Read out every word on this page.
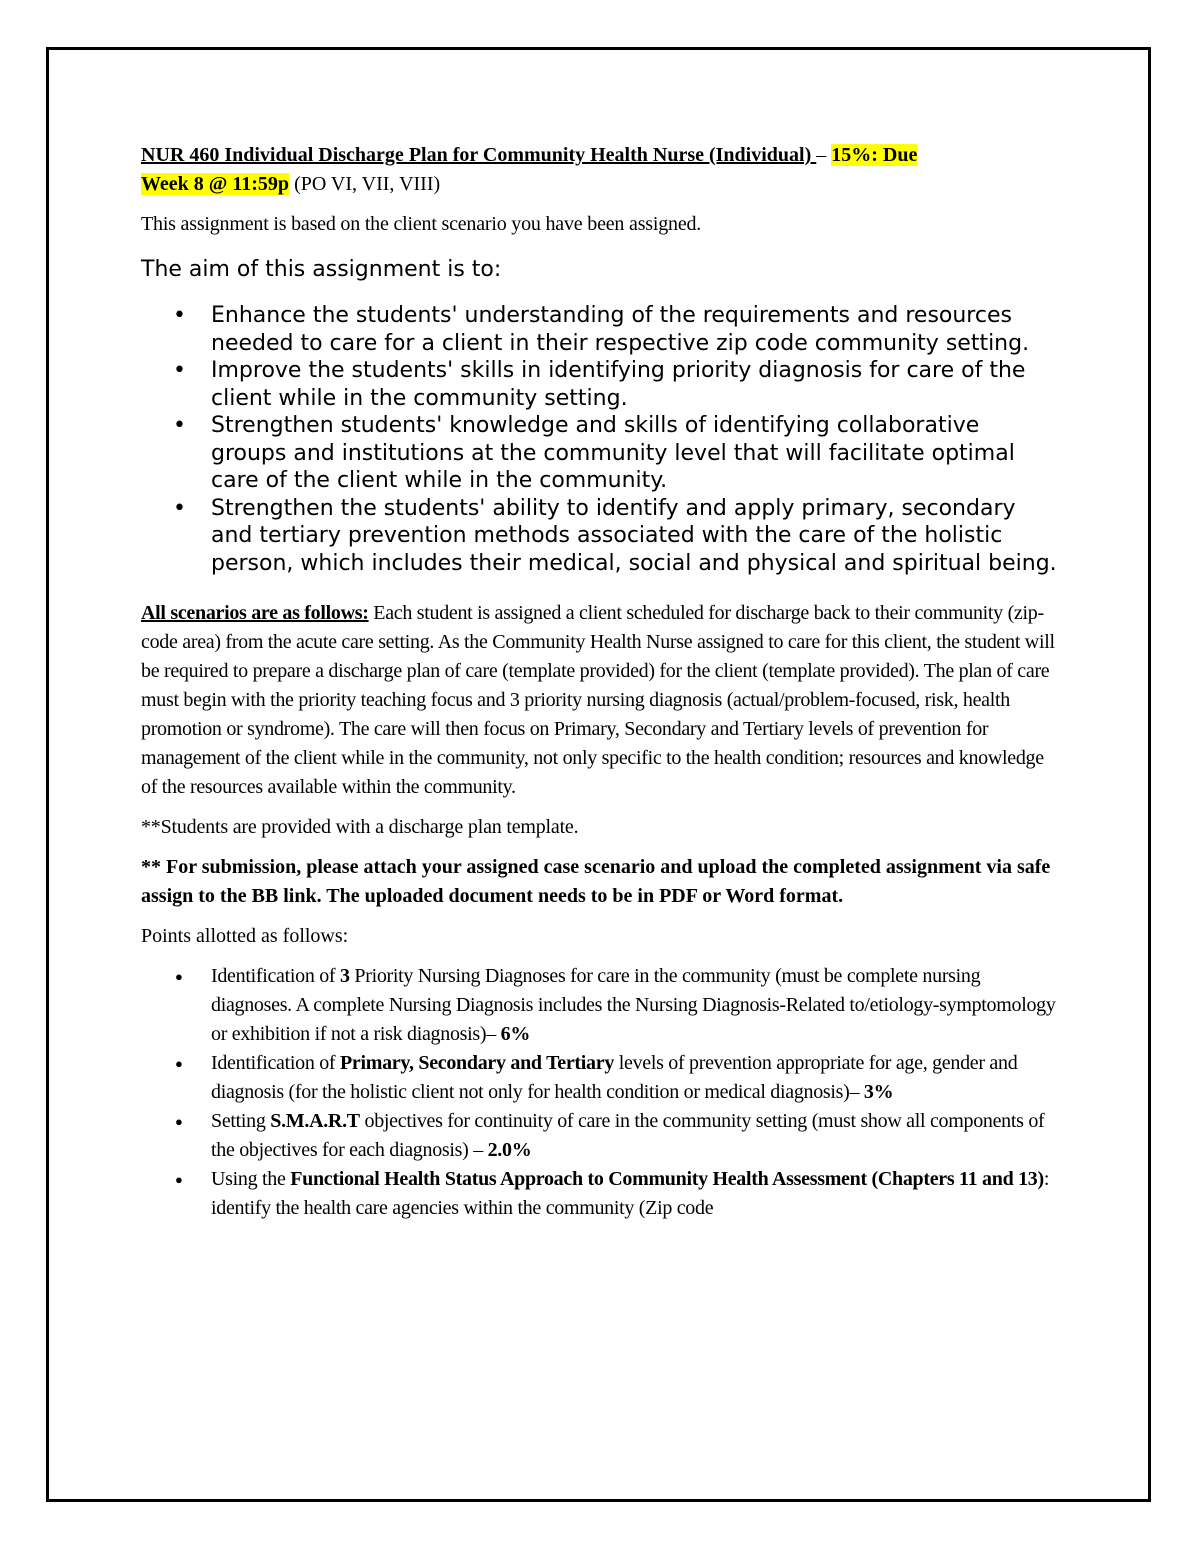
NUR 460 Individual Discharge Plan for Community Health Nurse (Individual) – 15%: Due
Week 8 @ 11:59p (PO VI, VII, VIII)

This assignment is based on the client scenario you have been assigned.

The aim of this assignment is to:

• Enhance the students' understanding of the requirements and resources needed to care for a client in their respective zip code community setting.
• Improve the students' skills in identifying priority diagnosis for care of the client while in the community setting.
• Strengthen students' knowledge and skills of identifying collaborative groups and institutions at the community level that will facilitate optimal care of the client while in the community.
• Strengthen the students' ability to identify and apply primary, secondary and tertiary prevention methods associated with the care of the holistic person, which includes their medical, social and physical and spiritual being.

All scenarios are as follows: Each student is assigned a client scheduled for discharge back to their community (zip-code area) from the acute care setting. As the Community Health Nurse assigned to care for this client, the student will be required to prepare a discharge plan of care (template provided) for the client (template provided). The plan of care must begin with the priority teaching focus and 3 priority nursing diagnosis (actual/problem-focused, risk, health promotion or syndrome). The care will then focus on Primary, Secondary and Tertiary levels of prevention for management of the client while in the community, not only specific to the health condition; resources and knowledge of the resources available within the community.

**Students are provided with a discharge plan template.

** For submission, please attach your assigned case scenario and upload the completed assignment via safe assign to the BB link. The uploaded document needs to be in PDF or Word format.

Points allotted as follows:

● Identification of 3 Priority Nursing Diagnoses for care in the community (must be complete nursing diagnoses. A complete Nursing Diagnosis includes the Nursing Diagnosis-Related to/etiology-symptomology or exhibition if not a risk diagnosis)– 6%
● Identification of Primary, Secondary and Tertiary levels of prevention appropriate for age, gender and diagnosis (for the holistic client not only for health condition or medical diagnosis)– 3%
● Setting S.M.A.R.T objectives for continuity of care in the community setting (must show all components of the objectives for each diagnosis) – 2.0%
● Using the Functional Health Status Approach to Community Health Assessment (Chapters 11 and 13): identify the health care agencies within the community (Zip code
